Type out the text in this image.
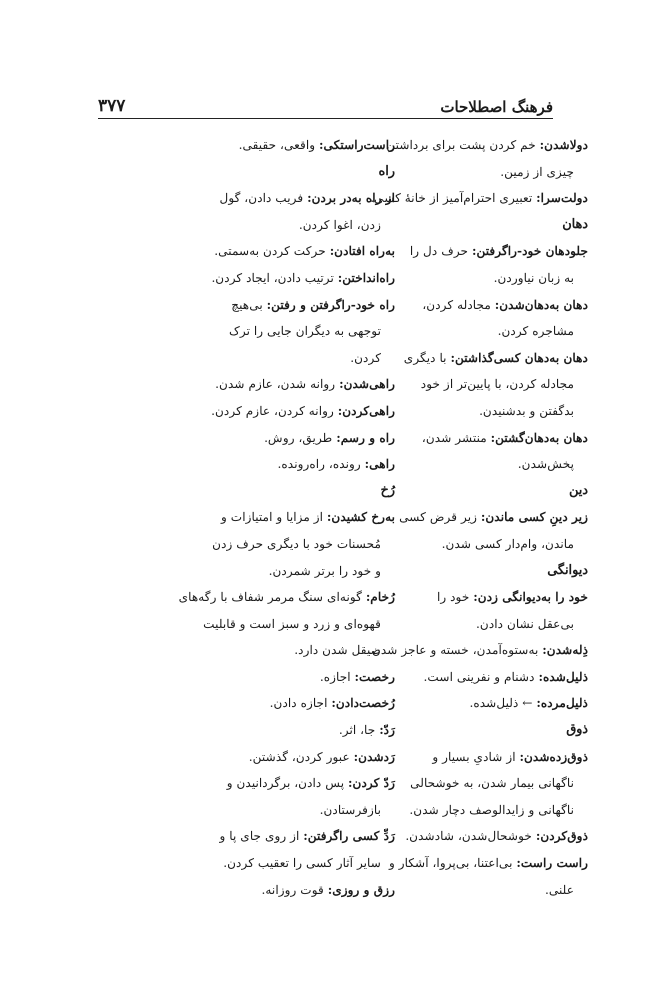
فرهنگ اصطلاحات
۳۷۷
دولاشدن: خم کردن پشت برای برداشتن
چیزی از زمین.
دولت‌سرا: تعبیری احترام‌آمیز از خانهٔ کسی.
دهان
جلودهان خود-راگرفتن: حرف دل را
به زبان نیاوردن.
دهان به‌دهان‌شدن: مجادله کردن،
مشاجره کردن.
دهان به‌دهان کسی‌گذاشتن: با دیگری
مجادله کردن، با پایین‌تر از خود
بدگفتن و بدشنیدن.
دهان به‌دهان‌گشتن: منتشر شدن،
پخش‌شدن.
دین
زیر دینِ کسی ماندن: زیر قرض کسی
ماندن، وام‌دار کسی شدن.
دیوانگی
خود را به‌دیوانگی زدن: خود را
بی‌عقل نشان دادن.
ذِله‌شدن: به‌ستوه‌آمدن، خسته و عاجز شدن.
ذلیل‌شده: دشنام و نفرینی است.
ذلیل‌مرده: ← ذلیل‌شده.
ذوق
ذوق‌زده‌شدن: از شادیِ بسیار و
ناگهانی بیمار شدن، به خوشحالی
ناگهانی و زایدالوصف دچار شدن.
ذوق‌کردن: خوشحال‌شدن، شادشدن.
راست راست: بی‌اعتنا، بی‌پروا، آشکار و
علنی.
راست‌راستکی: واقعی، حقیقی.
راه
از راه به‌در بردن: فریب دادن، گول
زدن، اغوا کردن.
به‌راه افتادن: حرکت کردن به‌سمتی.
راه‌انداختن: ترتیب دادن، ایجاد کردن.
راه خود-راگرفتن و رفتن: بی‌هیچ
توجهی به دیگران جایی را ترک
کردن.
راهی‌شدن: روانه شدن، عازم شدن.
راهی‌کردن: روانه کردن، عازم کردن.
راه و رسم: طریق، روش.
راهی: رونده، راه‌رونده.
رُخ
به‌رخ کشیدن: از مزایا و امتیازات و
مُحسنات خود با دیگری حرف زدن
و خود را برتر شمردن.
رُخام: گونه‌ای سنگ مرمر شفاف با رگه‌های
قهوه‌ای و زرد و سبز است و قابلیت
صیقل شدن دارد.
رخصت: اجازه.
رُخصت‌دادن: اجازه دادن.
رَدّ: جا، اثر.
رَدشدن: عبور کردن، گذشتن.
رَدّ کردن: پس دادن، برگردانیدن و
بازفرستادن.
رَدِّ کسی راگرفتن: از روی جای پا و
سایر آثار کسی را تعقیب کردن.
رزق و روزی: قوت روزانه.
